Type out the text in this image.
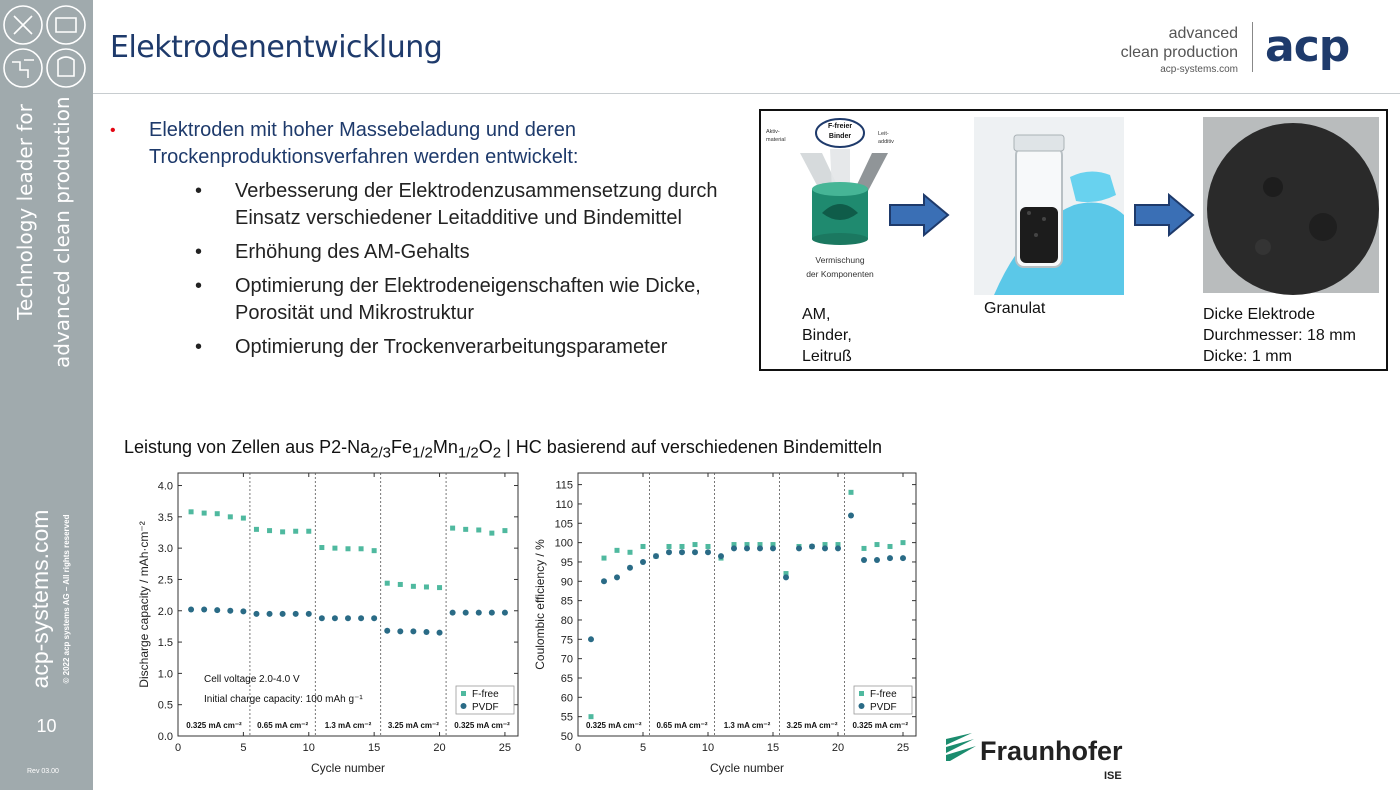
Technology leader for advanced clean production
acp-systems.com © 2022 acp systems AG – All rights reserved
10
Rev 03.00
Elektrodenentwicklung	advanced
clean production
acp-systems.com acp
• Elektroden mit hoher Massebeladung und deren Trockenproduktionsverfahren werden entwickelt:
• Verbesserung der Elektrodenzusammensetzung durch Einsatz verschiedener Leitadditive und Bindemittel
• Erhöhung des AM-Gehalts
• Optimierung der Elektrodeneigenschaften wie Dicke, Porosität und Mikrostruktur
• Optimierung der Trockenverarbeitungsparameter
F-freier
Binder
Aktiv-
material
Leit-
additiv
Vermischung
der Komponenten
AM,
Binder,
Leitruß
Granulat	Dicke Elektrode
Durchmesser: 18 mm
Dicke: 1 mm
Leistung von Zellen aus $P2-Na_{2/3}Fe_{1/2}Mn_{1/2}O_2$ | HC basierend auf verschiedenen Bindemitteln
0	5	10	15	20	25
0.0
0.5
1.0
1.5
2.0
2.5
3.0
3.5
4.0
0.325 mA cm⁻² 0.65 mA cm⁻² 1.3 mA cm⁻² 3.25 mA cm⁻² 0.325 mA cm⁻²
F-free
PVDF
Cycle number
Discharge capacity / mAh·cm⁻²	Cell voltage 2.0-4.0 V
Initial charge capacity: 100 mAh g⁻¹
0	5	10	15	20	25
50
55
60
65
70
75
80
85
90
95
100
105
110
115
0.325 mA cm⁻² 0.65 mA cm⁻² 1.3 mA cm⁻² 3.25 mA cm⁻² 0.325 mA cm⁻²
F-free
PVDF
Cycle number
Coulombic efficiency / %
Fraunhofer
ISE
